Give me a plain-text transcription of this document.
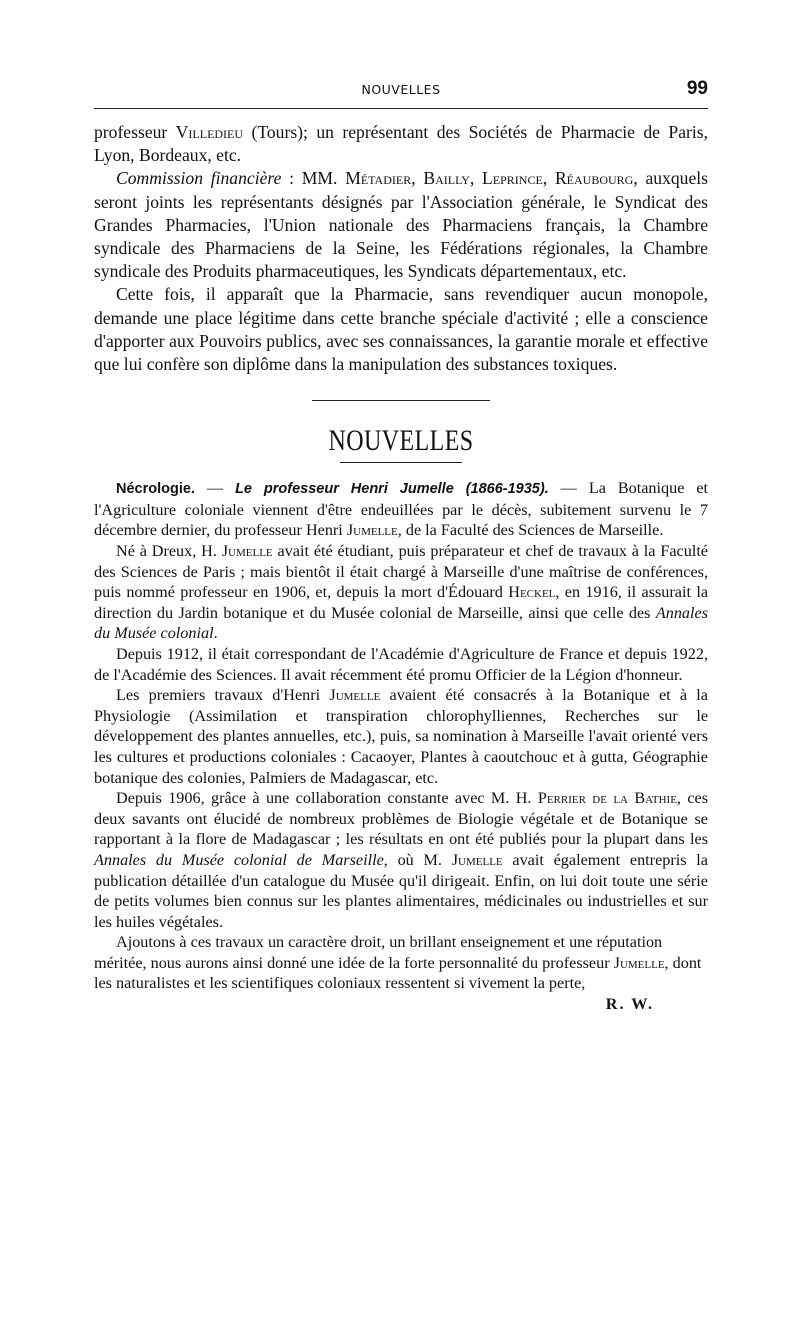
NOUVELLES	99

professeur Villedieu (Tours); un représentant des Sociétés de Pharmacie de Paris, Lyon, Bordeaux, etc.

Commission financière : MM. Métadier, Bailly, Leprince, Réaubourg, auxquels seront joints les représentants désignés par l'Association générale, le Syndicat des Grandes Pharmacies, l'Union nationale des Pharmaciens français, la Chambre syndicale des Pharmaciens de la Seine, les Fédérations régionales, la Chambre syndicale des Produits pharmaceutiques, les Syndicats départementaux, etc.

Cette fois, il apparaît que la Pharmacie, sans revendiquer aucun monopole, demande une place légitime dans cette branche spéciale d'activité ; elle a conscience d'apporter aux Pouvoirs publics, avec ses connaissances, la garantie morale et effective que lui confère son diplôme dans la manipulation des substances toxiques.

NOUVELLES

Nécrologie. — Le professeur Henri Jumelle (1866-1935). — La Botanique et l'Agriculture coloniale viennent d'être endeuillées par le décès, subitement survenu le 7 décembre dernier, du professeur Henri Jumelle, de la Faculté des Sciences de Marseille.

Né à Dreux, H. Jumelle avait été étudiant, puis préparateur et chef de travaux à la Faculté des Sciences de Paris ; mais bientôt il était chargé à Marseille d'une maîtrise de conférences, puis nommé professeur en 1906, et, depuis la mort d'Édouard Heckel, en 1916, il assurait la direction du Jardin botanique et du Musée colonial de Marseille, ainsi que celle des Annales du Musée colonial.

Depuis 1912, il était correspondant de l'Académie d'Agriculture de France et depuis 1922, de l'Académie des Sciences. Il avait récemment été promu Officier de la Légion d'honneur.

Les premiers travaux d'Henri Jumelle avaient été consacrés à la Botanique et à la Physiologie (Assimilation et transpiration chlorophylliennes, Recherches sur le développement des plantes annuelles, etc.), puis, sa nomination à Marseille l'avait orienté vers les cultures et productions coloniales : Cacaoyer, Plantes à caoutchouc et à gutta, Géographie botanique des colonies, Palmiers de Madagascar, etc.

Depuis 1906, grâce à une collaboration constante avec M. H. Perrier de la Bathie, ces deux savants ont élucidé de nombreux problèmes de Biologie végétale et de Botanique se rapportant à la flore de Madagascar ; les résultats en ont été publiés pour la plupart dans les Annales du Musée colonial de Marseille, où M. Jumelle avait également entrepris la publication détaillée d'un catalogue du Musée qu'il dirigeait. Enfin, on lui doit toute une série de petits volumes bien connus sur les plantes alimentaires, médicinales ou industrielles et sur les huiles végétales.

Ajoutons à ces travaux un caractère droit, un brillant enseignement et une réputation méritée, nous aurons ainsi donné une idée de la forte personnalité du professeur Jumelle, dont les naturalistes et les scientifiques coloniaux ressentent si vivement la perte,
R. W.
